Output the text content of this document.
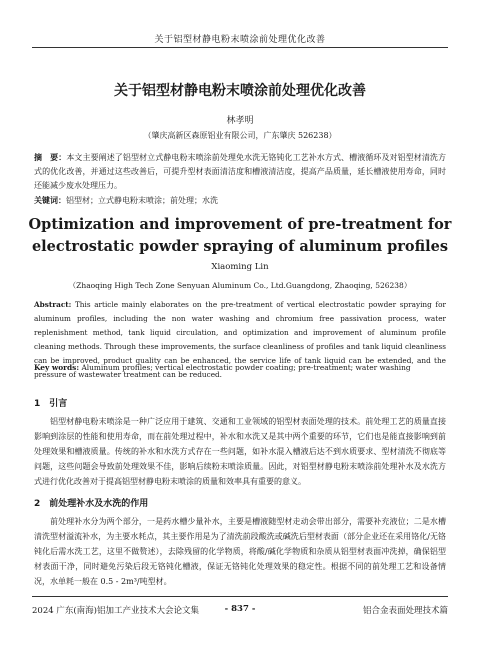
关于铝型材静电粉末喷涂前处理优化改善
关于铝型材静电粉末喷涂前处理优化改善
林孝明
（肇庆高新区森原铝业有限公司，广东肇庆 526238）
摘　要：本文主要阐述了铝型材立式静电粉末喷涂前处理免水洗无铬钝化工艺补水方式、槽液循环及对铝型材清洗方式的优化改善，并通过这些改善后，可提升型材表面清洁度和槽液清洁度，提高产品质量，延长槽液使用寿命，同时还能减少废水处理压力。
关键词：铝型材；立式静电粉末喷涂；前处理；水洗
Optimization and improvement of pre-treatment for electrostatic powder spraying of aluminum profiles
Xiaoming Lin
（Zhaoqing High Tech Zone Senyuan Aluminum Co., Ltd.Guangdong, Zhaoqing, 526238）
Abstract: This article mainly elaborates on the pre-treatment of vertical electrostatic powder spraying for aluminum profiles, including the non water washing and chromium free passivation process, water replenishment method, tank liquid circulation, and optimization and improvement of aluminum profile cleaning methods. Through these improvements, the surface cleanliness of profiles and tank liquid cleanliness can be improved, product quality can be enhanced, the service life of tank liquid can be extended, and the pressure of wastewater treatment can be reduced.
Key words: Aluminum profiles; vertical electrostatic powder coating; pre-treatment; water washing
1　引言
铝型材静电粉末喷涂是一种广泛应用于建筑、交通和工业领域的铝型材表面处理的技术。前处理工艺的质量直接影响到涂层的性能和使用寿命，而在前处理过程中，补水和水洗又是其中两个重要的环节，它们也是能直接影响到前处理效果和槽液质量。传统的补水和水洗方式存在一些问题，如补水混入槽液后达不到水质要求、型材清洗不彻底等问题，这些问题会导致前处理效果不佳，影响后续粉末喷涂质量。因此，对铝型材静电粉末喷涂前处理补水及水洗方式进行优化改善对于提高铝型材静电粉末喷涂的质量和效率具有重要的意义。
2　前处理补水及水洗的作用
前处理补水分为两个部分，一是药水槽少量补水，主要是槽液随型材走动会带出部分，需要补充液位；二是水槽清洗型材溢流补水，为主要水耗点，其主要作用是为了清洗前段酸洗或碱洗后型材表面（部分企业还在采用铬化/无铬钝化后需水洗工艺，这里不做赘述），去除残留的化学物质，将酸/碱化学物质和杂质从铝型材表面冲洗掉，确保铝型材表面干净，同时避免污染后段无铬钝化槽液，保证无铬钝化处理效果的稳定性。根据不同的前处理工艺和设备情况，水单耗一般在 0.5 - 2m³/吨型材。
2024 广东(南海)铝加工产业技术大会论文集	- 837 -	铝合金表面处理技术篇
